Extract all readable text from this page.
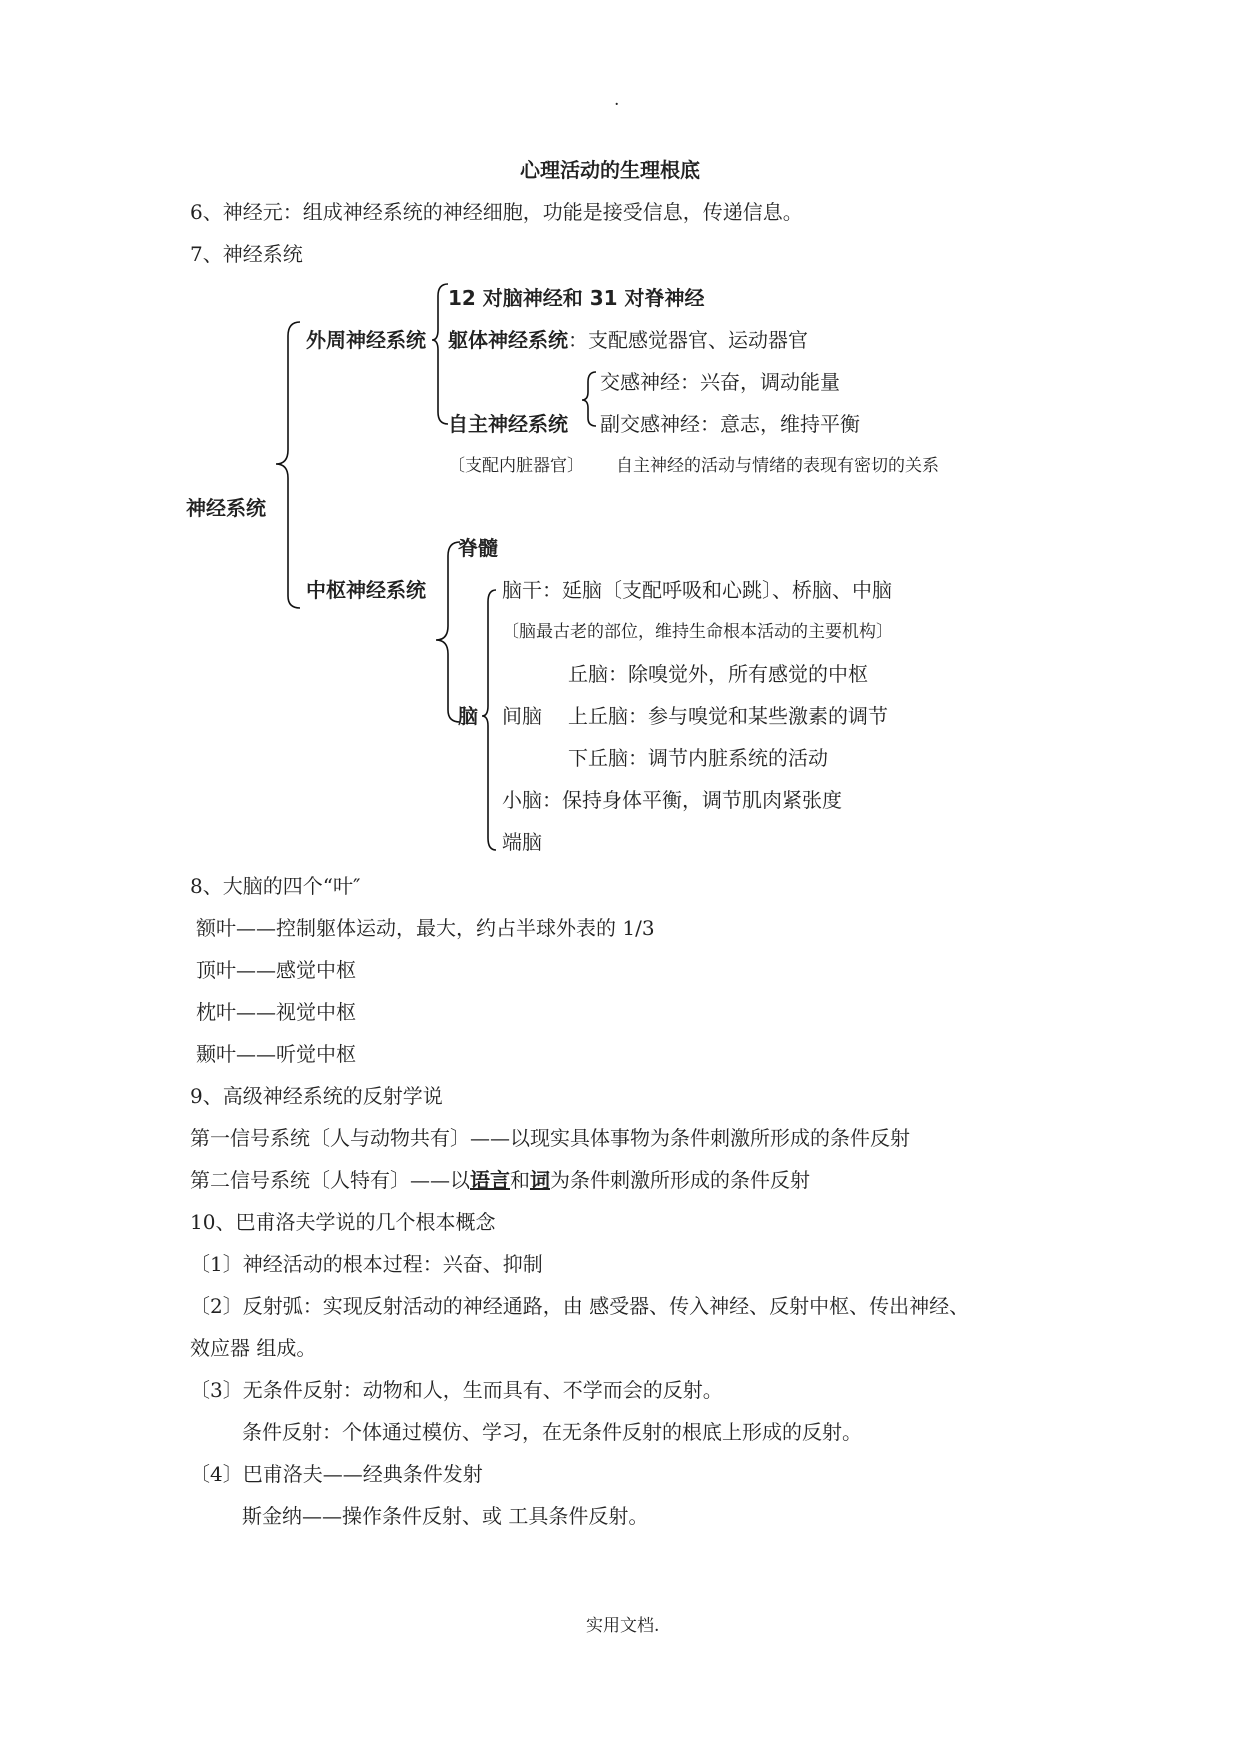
.
心理活动的生理根底
6、神经元：组成神经系统的神经细胞，功能是接受信息，传递信息。
7、神经系统
神经系统
外周神经系统
12 对脑神经和 31 对脊神经
躯体神经系统：支配感觉器官、运动器官
交感神经：兴奋，调动能量
自主神经系统 副交感神经：意志，维持平衡
〔支配内脏器官〕 自主神经的活动与情绪的表现有密切的关系
中枢神经系统
脊髓
脑干：延脑〔支配呼吸和心跳〕、桥脑、中脑
〔脑最古老的部位，维持生命根本活动的主要机构〕
丘脑：除嗅觉外，所有感觉的中枢
脑 间脑 上丘脑：参与嗅觉和某些激素的调节
下丘脑：调节内脏系统的活动
小脑：保持身体平衡，调节肌肉紧张度
端脑
8、大脑的四个“叶″
额叶——控制躯体运动，最大，约占半球外表的 1/3
顶叶——感觉中枢
枕叶——视觉中枢
颞叶——听觉中枢
9、高级神经系统的反射学说
第一信号系统〔人与动物共有〕——以现实具体事物为条件刺激所形成的条件反射
第二信号系统〔人特有〕——以语言和词为条件刺激所形成的条件反射
10、巴甫洛夫学说的几个根本概念
〔1〕神经活动的根本过程：兴奋、抑制
〔2〕反射弧：实现反射活动的神经通路，由 感受器、传入神经、反射中枢、传出神经、
效应器 组成。
〔3〕无条件反射：动物和人，生而具有、不学而会的反射。
条件反射：个体通过模仿、学习，在无条件反射的根底上形成的反射。
〔4〕巴甫洛夫——经典条件发射
斯金纳——操作条件反射、或 工具条件反射。
实用文档.
